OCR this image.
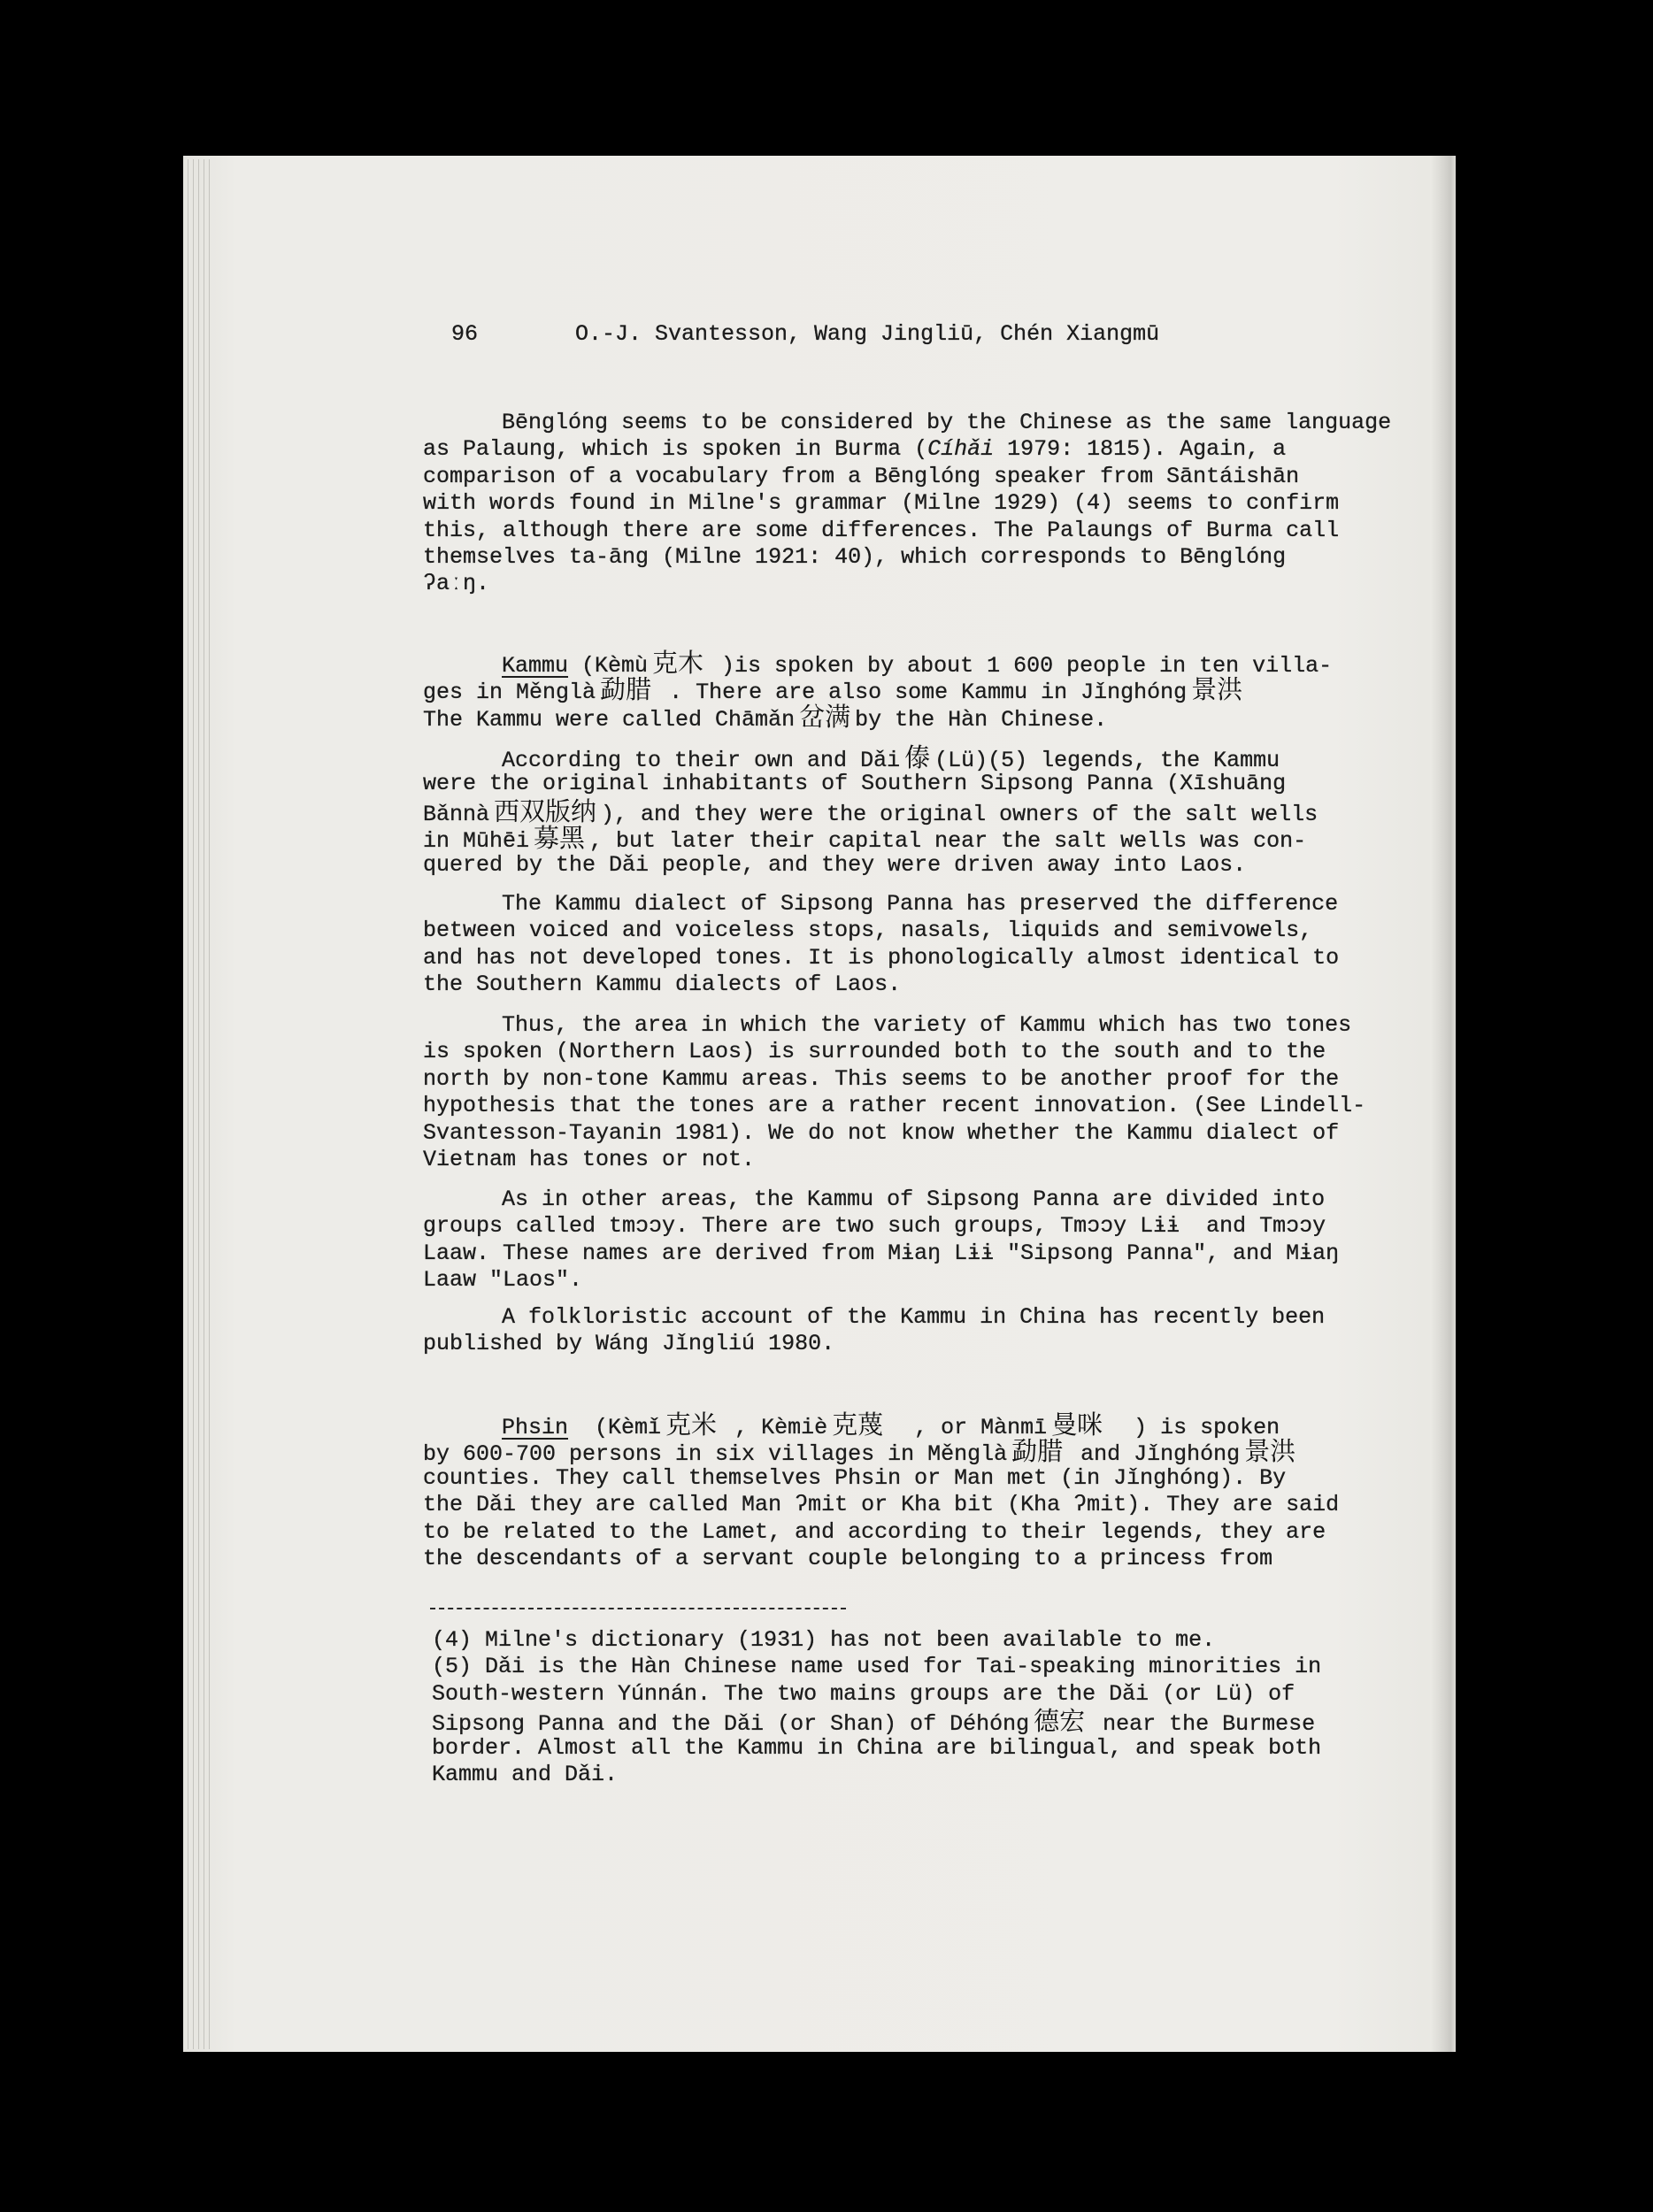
96	O.-J. Svantesson, Wang Jingliū, Chén Xiangmū
Bēnglóng seems to be considered by the Chinese as the same language
as Palaung, which is spoken in Burma (Cíhǎi 1979: 1815). Again, a
comparison of a vocabulary from a Bēnglóng speaker from Sāntáishān
with words found in Milne's grammar (Milne 1929) (4) seems to confirm
this, although there are some differences. The Palaungs of Burma call
themselves ta-āng (Milne 1921: 40), which corresponds to Bēnglóng
ʔaːŋ.
Kammu (Kèmù 克木 )is spoken by about 1 600 people in ten villa-
ges in Měnglà 勐腊 . There are also some Kammu in Jǐnghóng 景洪
The Kammu were called Chāmǎn 岔满 by the Hàn Chinese.
According to their own and Dǎi 傣 (Lü)(5) legends, the Kammu
were the original inhabitants of Southern Sipsong Panna (Xīshuāng
Bǎnnà 西双版纳 ), and they were the original owners of the salt wells
in Mūhēi 募黑 , but later their capital near the salt wells was con-
quered by the Dǎi people, and they were driven away into Laos.
The Kammu dialect of Sipsong Panna has preserved the difference
between voiced and voiceless stops, nasals, liquids and semivowels,
and has not developed tones. It is phonologically almost identical to
the Southern Kammu dialects of Laos.
Thus, the area in which the variety of Kammu which has two tones
is spoken (Northern Laos) is surrounded both to the south and to the
north by non-tone Kammu areas. This seems to be another proof for the
hypothesis that the tones are a rather recent innovation. (See Lindell-
Svantesson-Tayanin 1981). We do not know whether the Kammu dialect of
Vietnam has tones or not.
As in other areas, the Kammu of Sipsong Panna are divided into
groups called tmɔɔy. There are two such groups, Tmɔɔy Lɨɨ  and Tmɔɔy
Laaw. These names are derived from Mɨaŋ Lɨɨ "Sipsong Panna", and Mɨaŋ
Laaw "Laos".
A folkloristic account of the Kammu in China has recently been
published by Wáng Jǐngliú 1980.
Phsin  (Kèmǐ 克米 , Kèmiè 克蔑  , or Mànmī 曼咪  ) is spoken
by 600-700 persons in six villages in Měnglà 勐腊 and Jǐnghóng 景洪
counties. They call themselves Phsin or Man met (in Jǐnghóng). By
the Dǎi they are called Man ʔmit or Kha bit (Kha ʔmit). They are said
to be related to the Lamet, and according to their legends, they are
the descendants of a servant couple belonging to a princess from
(4) Milne's dictionary (1931) has not been available to me.
(5) Dǎi is the Hàn Chinese name used for Tai-speaking minorities in
South-western Yúnnán. The two mains groups are the Dǎi (or Lü) of
Sipsong Panna and the Dǎi (or Shan) of Déhóng 德宏 near the Burmese
border. Almost all the Kammu in China are bilingual, and speak both
Kammu and Dǎi.
